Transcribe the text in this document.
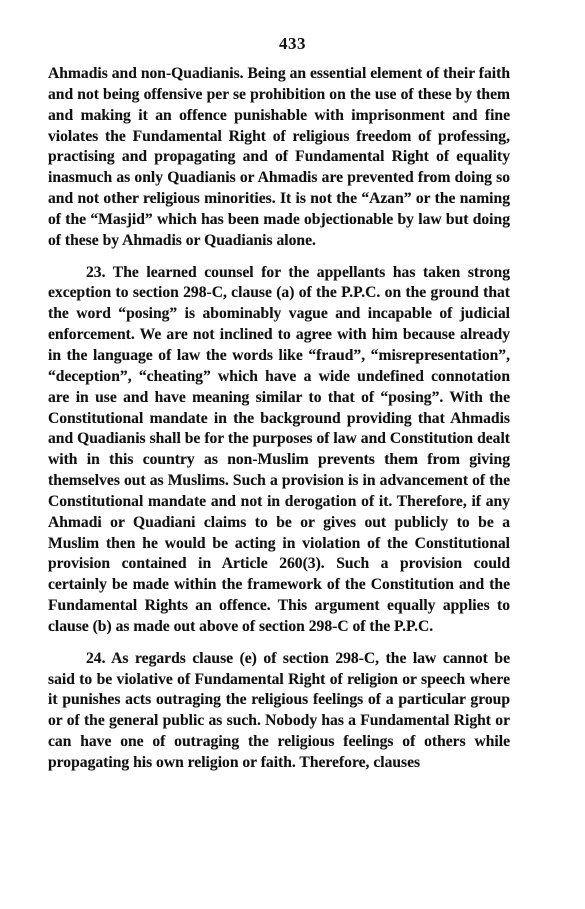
433

Ahmadis and non-Quadianis. Being an essential element of their faith and not being offensive per se prohibition on the use of these by them and making it an offence punishable with imprisonment and fine violates the Fundamental Right of religious freedom of professing, practising and propagating and of Fundamental Right of equality inasmuch as only Quadianis or Ahmadis are prevented from doing so and not other religious minorities. It is not the “Azan” or the naming of the “Masjid” which has been made objectionable by law but doing of these by Ahmadis or Quadianis alone.

23. The learned counsel for the appellants has taken strong exception to section 298-C, clause (a) of the P.P.C. on the ground that the word “posing” is abominably vague and incapable of judicial enforcement. We are not inclined to agree with him because already in the language of law the words like “fraud”, “misrepresentation”, “deception”, “cheating” which have a wide undefined connotation are in use and have meaning similar to that of “posing”. With the Constitutional mandate in the background providing that Ahmadis and Quadianis shall be for the purposes of law and Constitution dealt with in this country as non-Muslim prevents them from giving themselves out as Muslims. Such a provision is in advancement of the Constitutional mandate and not in derogation of it. Therefore, if any Ahmadi or Quadiani claims to be or gives out publicly to be a Muslim then he would be acting in violation of the Constitutional provision contained in Article 260(3). Such a provision could certainly be made within the framework of the Constitution and the Fundamental Rights an offence. This argument equally applies to clause (b) as made out above of section 298-C of the P.P.C.

24. As regards clause (e) of section 298-C, the law cannot be said to be violative of Fundamental Right of religion or speech where it punishes acts outraging the religious feelings of a particular group or of the general public as such. Nobody has a Fundamental Right or can have one of outraging the religious feelings of others while propagating his own religion or faith. Therefore, clauses
